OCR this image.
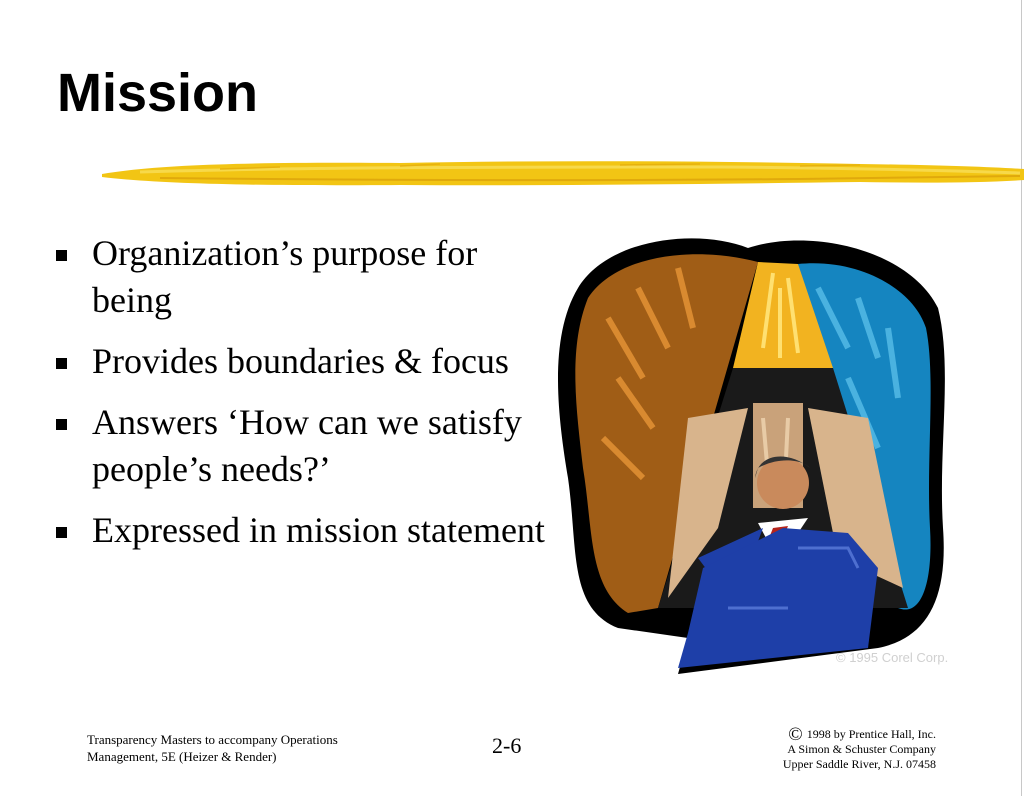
Mission
Organization’s purpose for being
Provides boundaries & focus
Answers ‘How can we satisfy people’s needs?’
Expressed in mission statement
© 1995 Corel Corp.
Transparency Masters to accompany Operations
Management, 5E (Heizer & Render)	2-6	© 1998 by Prentice Hall, Inc.
A Simon & Schuster Company
Upper Saddle River, N.J. 07458
